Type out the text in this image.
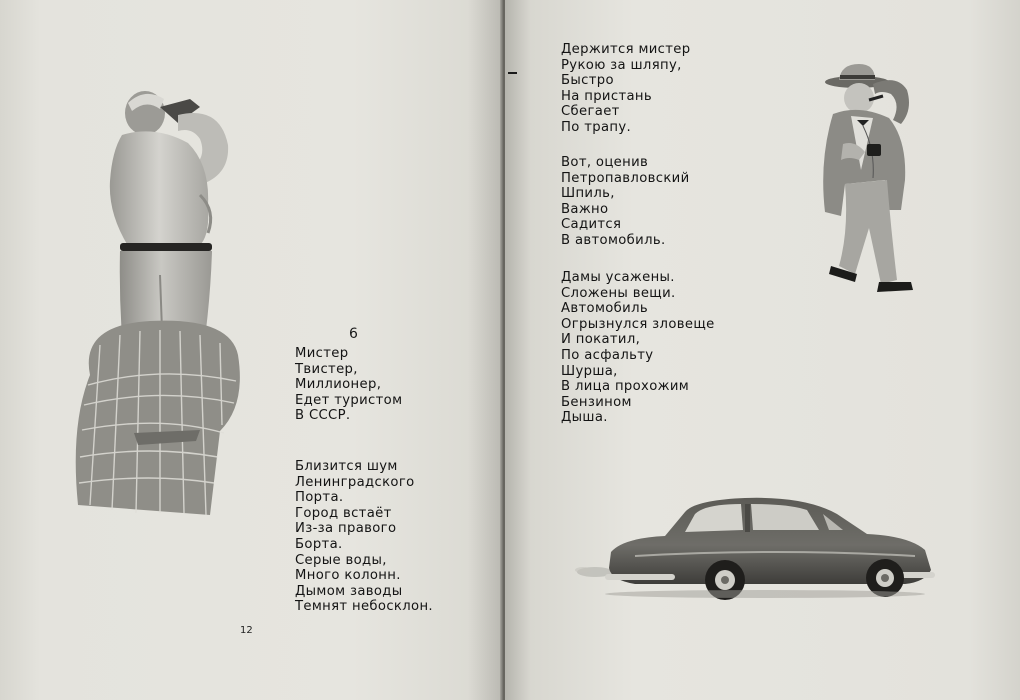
6
Мистер
Твистер,
Миллионер,
Едет туристом
В СССР.
Близится шум
Ленинградского
Порта.
Город встаёт
Из-за правого
Борта.
Серые воды,
Много колонн.
Дымом заводы
Темнят небосклон.
12
Держится мистер
Рукою за шляпу,
Быстро
На пристань
Сбегает
По трапу.
Вот, оценив
Петропавловский
Шпиль,
Важно
Садится
В автомобиль.
Дамы усажены.
Сложены вещи.
Автомобиль
Огрызнулся зловеще
И покатил,
По асфальту
Шурша,
В лица прохожим
Бензином
Дыша.
